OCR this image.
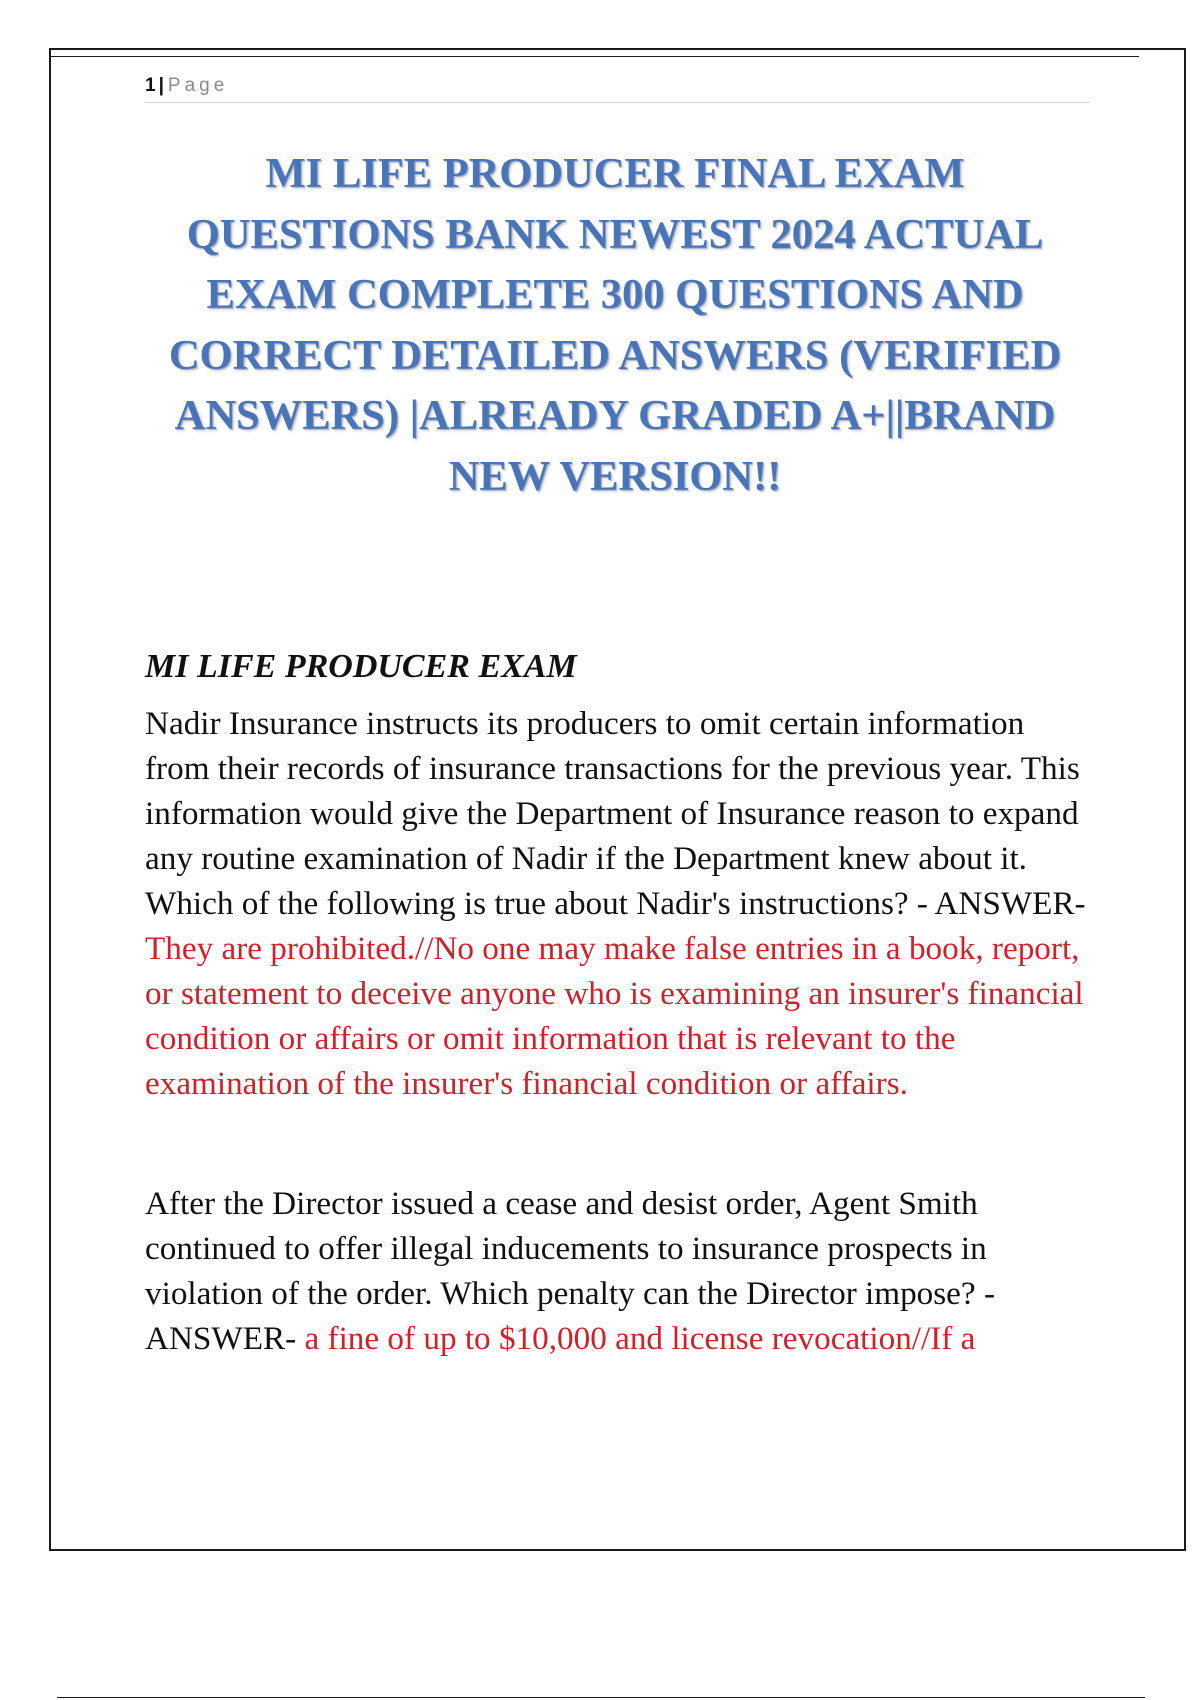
1 | Page
MI LIFE PRODUCER FINAL EXAM QUESTIONS BANK NEWEST 2024 ACTUAL EXAM COMPLETE 300 QUESTIONS AND CORRECT DETAILED ANSWERS (VERIFIED ANSWERS) |ALREADY GRADED A+||BRAND NEW VERSION!!
MI LIFE PRODUCER EXAM

Nadir Insurance instructs its producers to omit certain information from their records of insurance transactions for the previous year. This information would give the Department of Insurance reason to expand any routine examination of Nadir if the Department knew about it. Which of the following is true about Nadir's instructions? - ANSWER- They are prohibited.//No one may make false entries in a book, report, or statement to deceive anyone who is examining an insurer's financial condition or affairs or omit information that is relevant to the examination of the insurer's financial condition or affairs.

After the Director issued a cease and desist order, Agent Smith continued to offer illegal inducements to insurance prospects in violation of the order. Which penalty can the Director impose? - ANSWER- a fine of up to $10,000 and license revocation//If a
